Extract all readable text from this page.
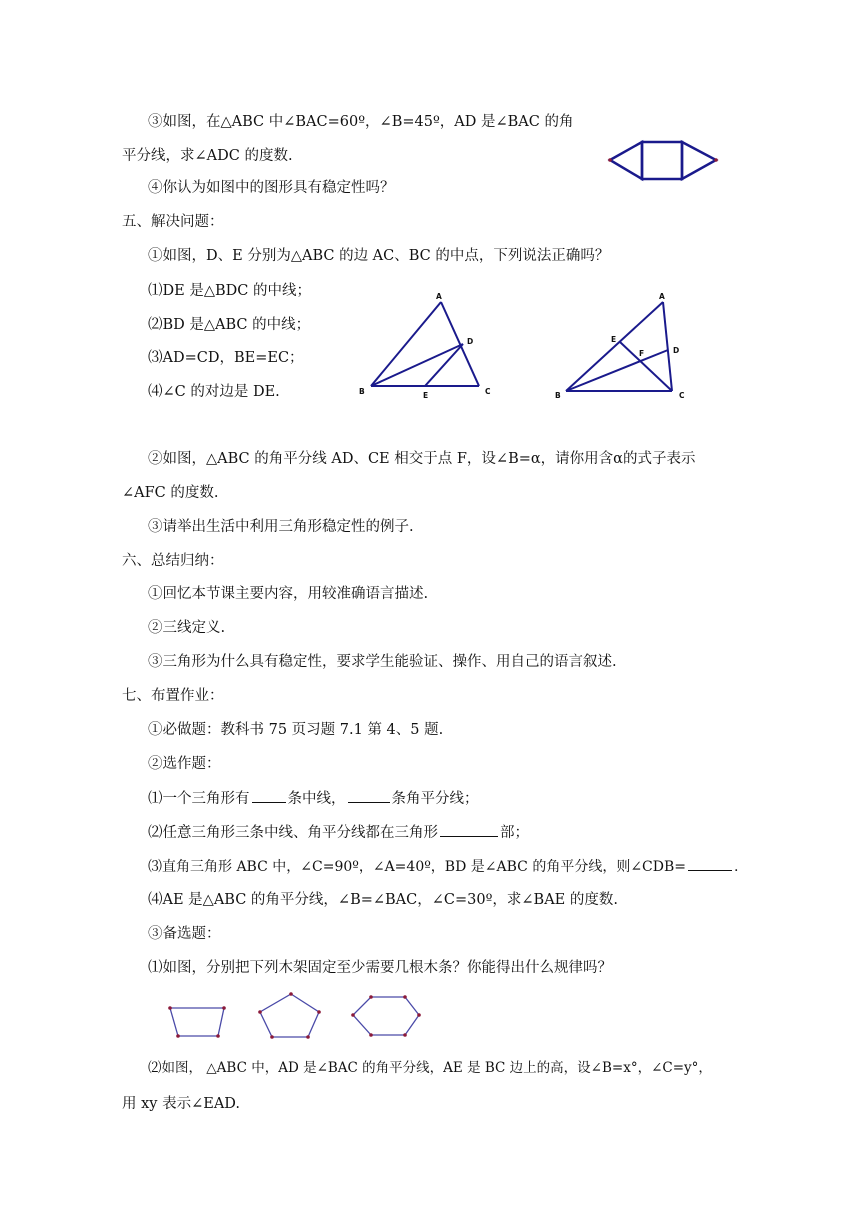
③如图，在△ABC 中∠BAC=60º，∠B=45º，AD 是∠BAC 的角
平分线，求∠ADC 的度数.
④你认为如图中的图形具有稳定性吗？
五、解决问题：
①如图，D、E 分别为△ABC 的边 AC、BC 的中点，下列说法正确吗？
⑴DE 是△BDC 的中线；
⑵BD 是△ABC 的中线；
⑶AD=CD，BE=EC；
⑷∠C 的对边是 DE.
②如图，△ABC 的角平分线 AD、CE 相交于点 F，设∠B=α，请你用含α的式子表示
∠AFC 的度数.
③请举出生活中利用三角形稳定性的例子.
六、总结归纳：
①回忆本节课主要内容，用较准确语言描述.
②三线定义.
③三角形为什么具有稳定性，要求学生能验证、操作、用自己的语言叙述.
七、布置作业：
①必做题：教科书 75 页习题 7.1 第 4、5 题.
②选作题：
⑴一个三角形有	条中线，	条角平分线；
⑵任意三角形三条中线、角平分线都在三角形	部；
⑶直角三角形 ABC 中，∠C=90º，∠A=40º，BD 是∠ABC 的角平分线，则∠CDB=	.
⑷AE 是△ABC 的角平分线，∠B=∠BAC，∠C=30º，求∠BAE 的度数.
③备选题：
⑴如图，分别把下列木架固定至少需要几根木条？你能得出什么规律吗？
⑵如图， △ABC 中，AD 是∠BAC 的角平分线，AE 是 BC 边上的高，设∠B=x°，∠C=y°，
用 xy 表示∠EAD.
A
B	C
D
E
A
B	C
D
E
F
